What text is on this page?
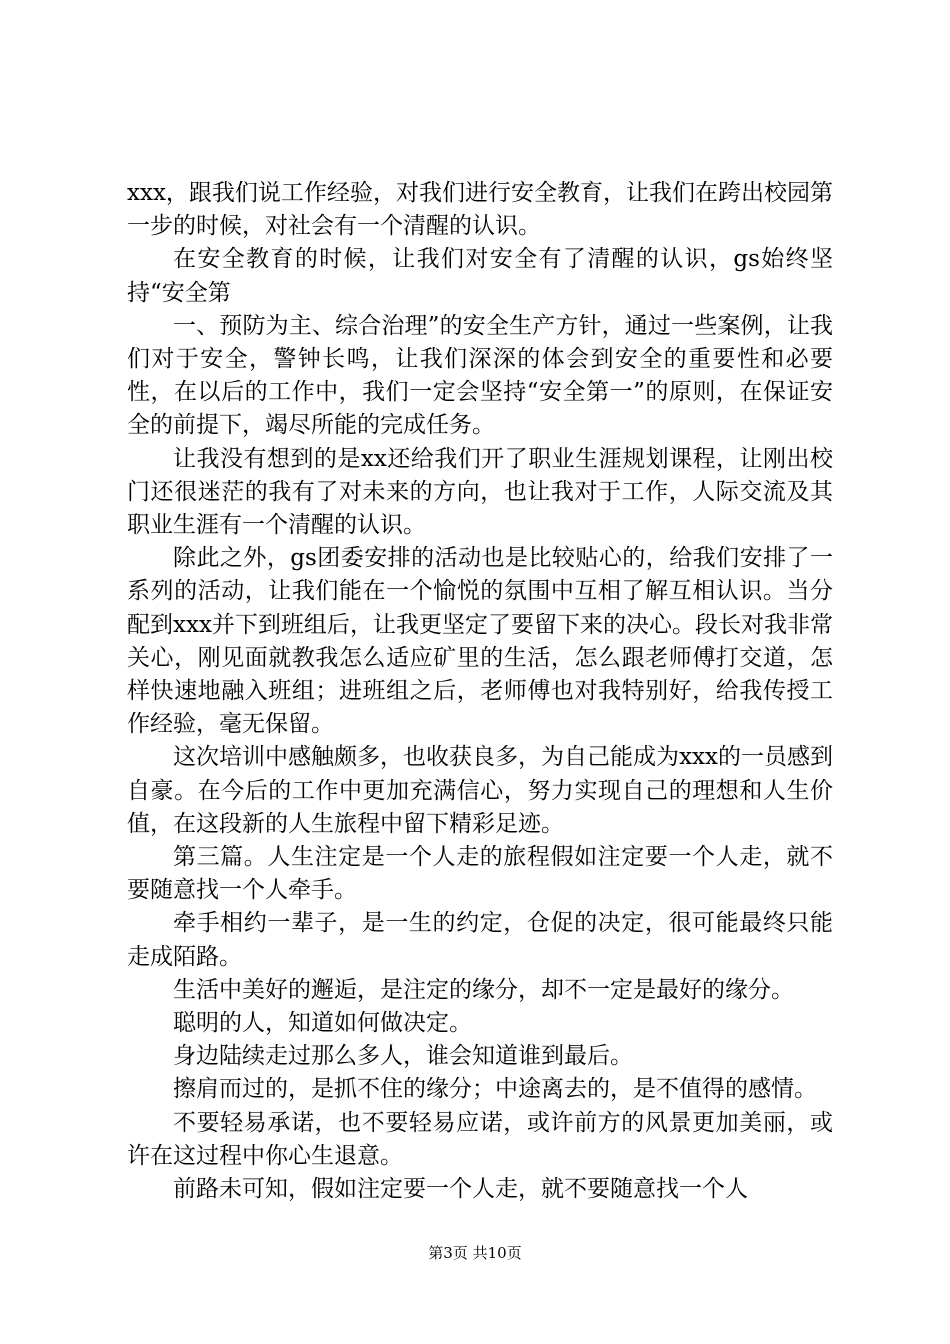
xxx，跟我们说工作经验，对我们进行安全教育，让我们在跨出校园第一步的时候，对社会有一个清醒的认识。

在安全教育的时候，让我们对安全有了清醒的认识，gs始终坚持“安全第

一、预防为主、综合治理”的安全生产方针，通过一些案例，让我们对于安全，警钟长鸣，让我们深深的体会到安全的重要性和必要性，在以后的工作中，我们一定会坚持“安全第一”的原则，在保证安全的前提下，竭尽所能的完成任务。

让我没有想到的是xx还给我们开了职业生涯规划课程，让刚出校门还很迷茫的我有了对未来的方向，也让我对于工作，人际交流及其职业生涯有一个清醒的认识。

除此之外，gs团委安排的活动也是比较贴心的，给我们安排了一系列的活动，让我们能在一个愉悦的氛围中互相了解互相认识。当分配到xxx并下到班组后，让我更坚定了要留下来的决心。段长对我非常关心，刚见面就教我怎么适应矿里的生活，怎么跟老师傅打交道，怎样快速地融入班组；进班组之后，老师傅也对我特别好，给我传授工作经验，毫无保留。

这次培训中感触颇多，也收获良多，为自己能成为xxx的一员感到自豪。在今后的工作中更加充满信心，努力实现自己的理想和人生价值，在这段新的人生旅程中留下精彩足迹。

第三篇。人生注定是一个人走的旅程假如注定要一个人走，就不要随意找一个人牵手。

牵手相约一辈子，是一生的约定，仓促的决定，很可能最终只能走成陌路。

生活中美好的邂逅，是注定的缘分，却不一定是最好的缘分。

聪明的人，知道如何做决定。

身边陆续走过那么多人，谁会知道谁到最后。

擦肩而过的，是抓不住的缘分；中途离去的，是不值得的感情。

不要轻易承诺，也不要轻易应诺，或许前方的风景更加美丽，或许在这过程中你心生退意。

前路未可知，假如注定要一个人走，就不要随意找一个人

第3页 共10页
